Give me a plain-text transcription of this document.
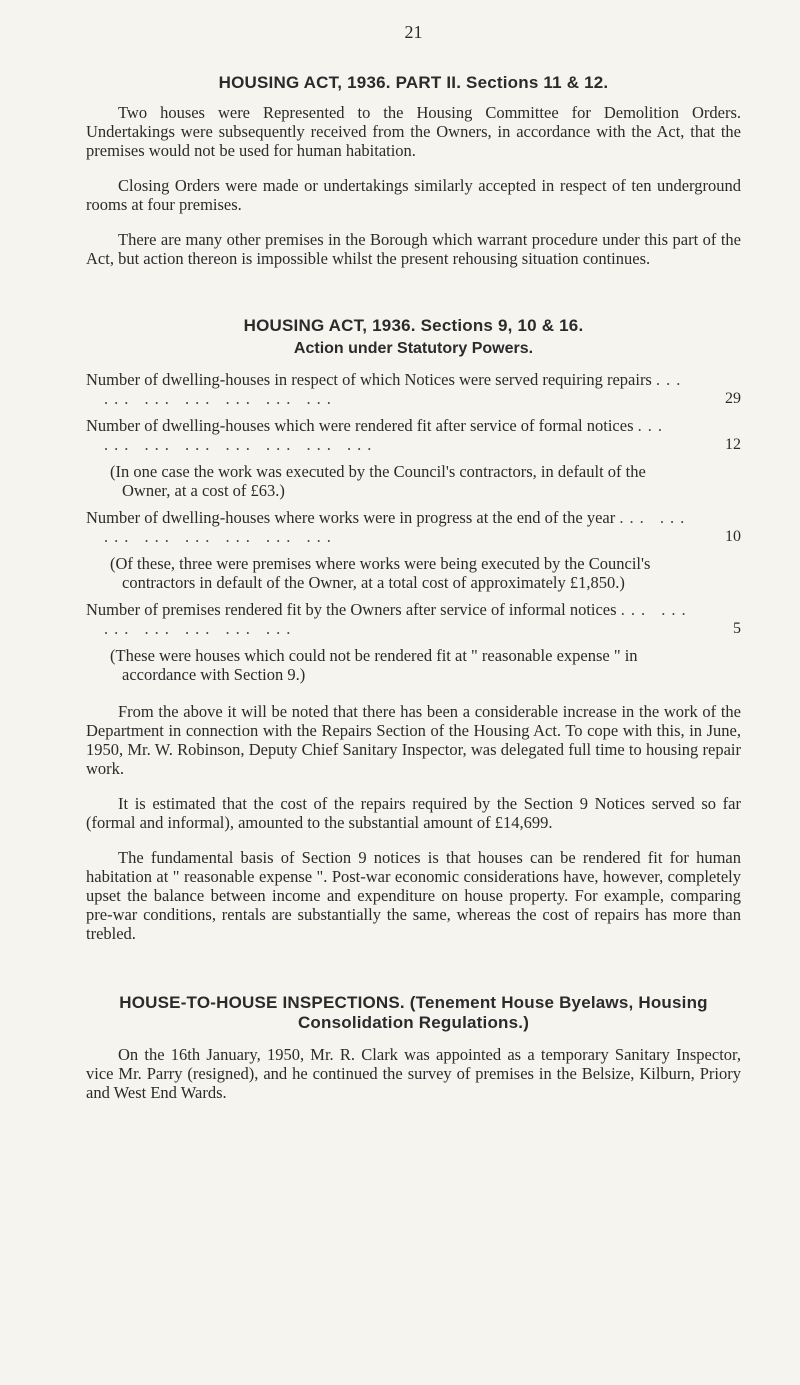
21
HOUSING ACT, 1936. PART II. Sections 11 & 12.

Two houses were Represented to the Housing Committee for Demolition Orders. Undertakings were subsequently received from the Owners, in accordance with the Act, that the premises would not be used for human habitation.

Closing Orders were made or undertakings similarly accepted in respect of ten underground rooms at four premises.

There are many other premises in the Borough which warrant procedure under this part of the Act, but action thereon is impossible whilst the present rehousing situation continues.

HOUSING ACT, 1936. Sections 9, 10 & 16.
Action under Statutory Powers.
Number of dwelling-houses in respect of which Notices were served requiring repairs ... ... ... ... ... ... ...	29
Number of dwelling-houses which were rendered fit after service of formal notices ... ... ... ... ... ... ... ...	12
(In one case the work was executed by the Council's contractors, in default of the Owner, at a cost of £63.)
Number of dwelling-houses where works were in progress at the end of the year ... ... ... ... ... ... ... ...	10
(Of these, three were premises where works were being executed by the Council's contractors in default of the Owner, at a total cost of approximately £1,850.)
Number of premises rendered fit by the Owners after service of informal notices ... ... ... ... ... ... ...	5
(These were houses which could not be rendered fit at " reasonable expense " in accordance with Section 9.)

From the above it will be noted that there has been a considerable increase in the work of the Department in connection with the Repairs Section of the Housing Act. To cope with this, in June, 1950, Mr. W. Robinson, Deputy Chief Sanitary Inspector, was delegated full time to housing repair work.

It is estimated that the cost of the repairs required by the Section 9 Notices served so far (formal and informal), amounted to the substantial amount of £14,699.

The fundamental basis of Section 9 notices is that houses can be rendered fit for human habitation at " reasonable expense ". Post-war economic considerations have, however, completely upset the balance between income and expenditure on house property. For example, comparing pre-war conditions, rentals are substantially the same, whereas the cost of repairs has more than trebled.

HOUSE-TO-HOUSE INSPECTIONS. (Tenement House Byelaws, Housing Consolidation Regulations.)

On the 16th January, 1950, Mr. R. Clark was appointed as a temporary Sanitary Inspector, vice Mr. Parry (resigned), and he continued the survey of premises in the Belsize, Kilburn, Priory and West End Wards.
